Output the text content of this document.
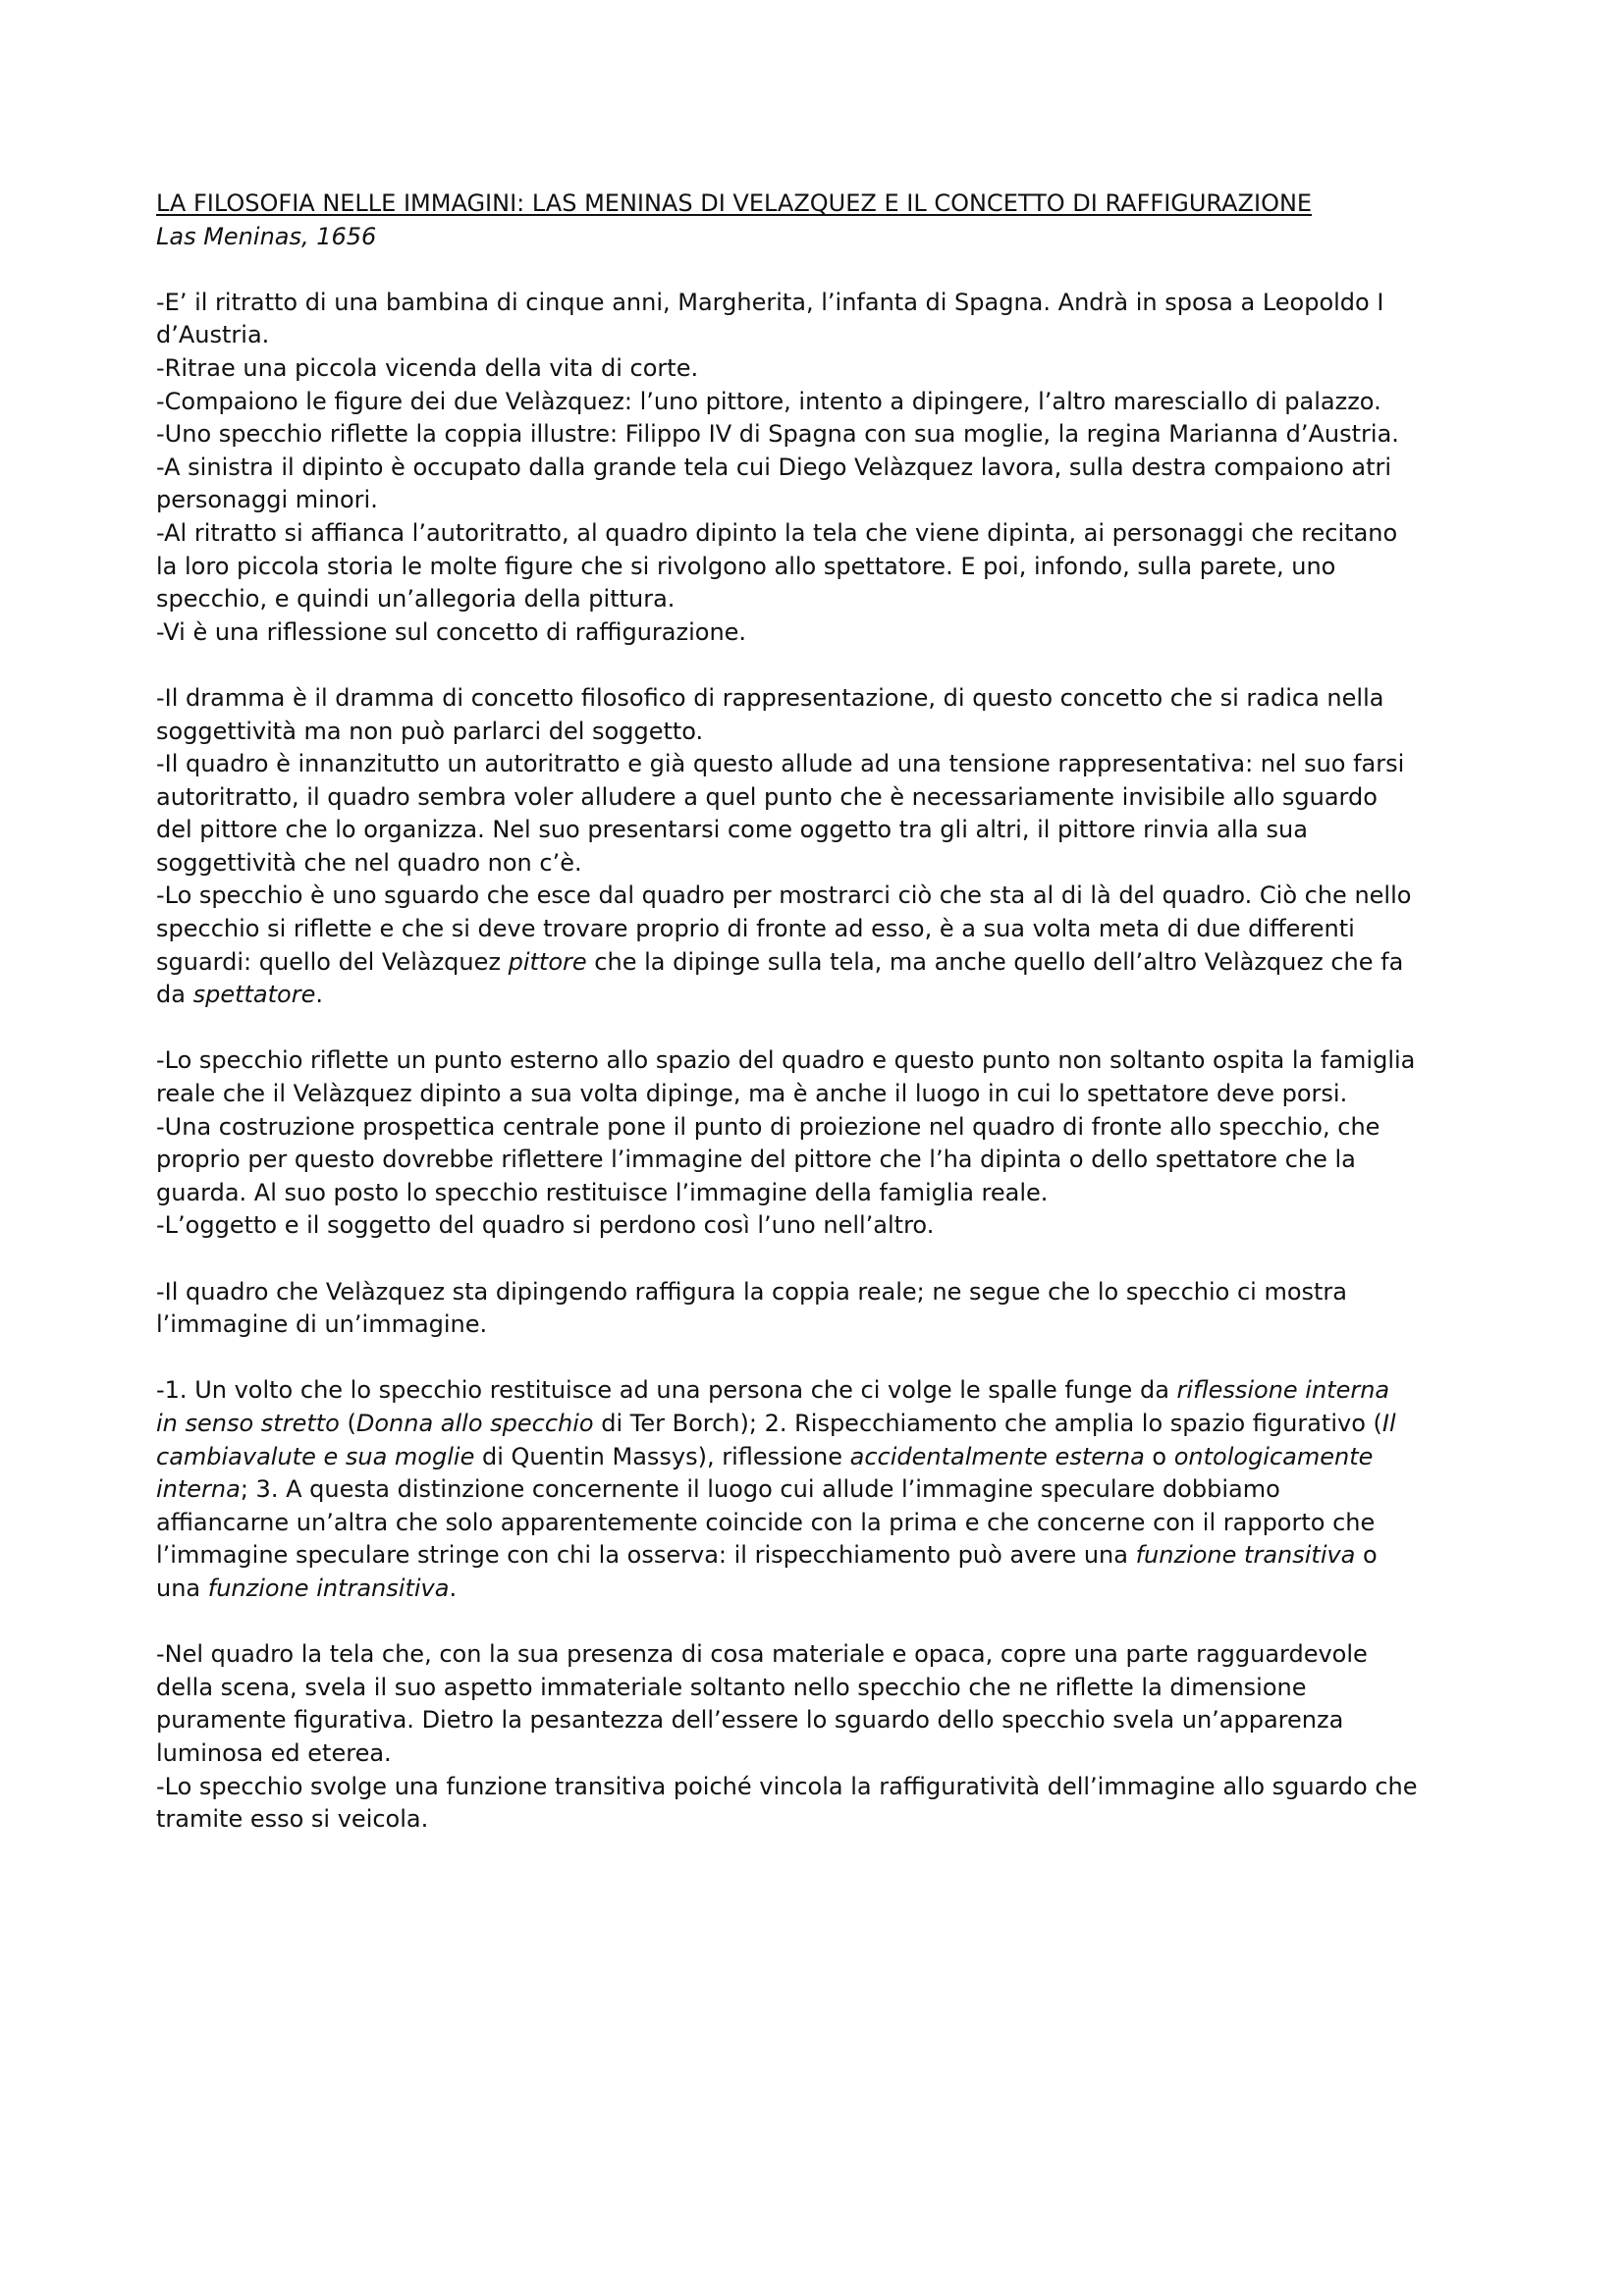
LA FILOSOFIA NELLE IMMAGINI: LAS MENINAS DI VELAZQUEZ E IL CONCETTO DI RAFFIGURAZIONE
Las Meninas, 1656
-E’ il ritratto di una bambina di cinque anni, Margherita, l’infanta di Spagna. Andrà in sposa a Leopoldo I
d’Austria.
-Ritrae una piccola vicenda della vita di corte.
-Compaiono le figure dei due Velàzquez: l’uno pittore, intento a dipingere, l’altro maresciallo di palazzo.
-Uno specchio riflette la coppia illustre: Filippo IV di Spagna con sua moglie, la regina Marianna d’Austria.
-A sinistra il dipinto è occupato dalla grande tela cui Diego Velàzquez lavora, sulla destra compaiono atri
personaggi minori.
-Al ritratto si affianca l’autoritratto, al quadro dipinto la tela che viene dipinta, ai personaggi che recitano
la loro piccola storia le molte figure che si rivolgono allo spettatore. E poi, infondo, sulla parete, uno
specchio, e quindi un’allegoria della pittura.
-Vi è una riflessione sul concetto di raffigurazione.
-Il dramma è il dramma di concetto filosofico di rappresentazione, di questo concetto che si radica nella
soggettività ma non può parlarci del soggetto.
-Il quadro è innanzitutto un autoritratto e già questo allude ad una tensione rappresentativa: nel suo farsi
autoritratto, il quadro sembra voler alludere a quel punto che è necessariamente invisibile allo sguardo
del pittore che lo organizza. Nel suo presentarsi come oggetto tra gli altri, il pittore rinvia alla sua
soggettività che nel quadro non c’è.
-Lo specchio è uno sguardo che esce dal quadro per mostrarci ciò che sta al di là del quadro. Ciò che nello
specchio si riflette e che si deve trovare proprio di fronte ad esso, è a sua volta meta di due differenti
sguardi: quello del Velàzquez pittore che la dipinge sulla tela, ma anche quello dell’altro Velàzquez che fa
da spettatore.
-Lo specchio riflette un punto esterno allo spazio del quadro e questo punto non soltanto ospita la famiglia
reale che il Velàzquez dipinto a sua volta dipinge, ma è anche il luogo in cui lo spettatore deve porsi.
-Una costruzione prospettica centrale pone il punto di proiezione nel quadro di fronte allo specchio, che
proprio per questo dovrebbe riflettere l’immagine del pittore che l’ha dipinta o dello spettatore che la
guarda. Al suo posto lo specchio restituisce l’immagine della famiglia reale.
-L’oggetto e il soggetto del quadro si perdono così l’uno nell’altro.
-Il quadro che Velàzquez sta dipingendo raffigura la coppia reale; ne segue che lo specchio ci mostra
l’immagine di un’immagine.
-1. Un volto che lo specchio restituisce ad una persona che ci volge le spalle funge da riflessione interna
in senso stretto (Donna allo specchio di Ter Borch); 2. Rispecchiamento che amplia lo spazio figurativo (Il
cambiavalute e sua moglie di Quentin Massys), riflessione accidentalmente esterna o ontologicamente
interna; 3. A questa distinzione concernente il luogo cui allude l’immagine speculare dobbiamo
affiancarne un’altra che solo apparentemente coincide con la prima e che concerne con il rapporto che
l’immagine speculare stringe con chi la osserva: il rispecchiamento può avere una funzione transitiva o
una funzione intransitiva.
-Nel quadro la tela che, con la sua presenza di cosa materiale e opaca, copre una parte ragguardevole
della scena, svela il suo aspetto immateriale soltanto nello specchio che ne riflette la dimensione
puramente figurativa. Dietro la pesantezza dell’essere lo sguardo dello specchio svela un’apparenza
luminosa ed eterea.
-Lo specchio svolge una funzione transitiva poiché vincola la raffiguratività dell’immagine allo sguardo che
tramite esso si veicola.
